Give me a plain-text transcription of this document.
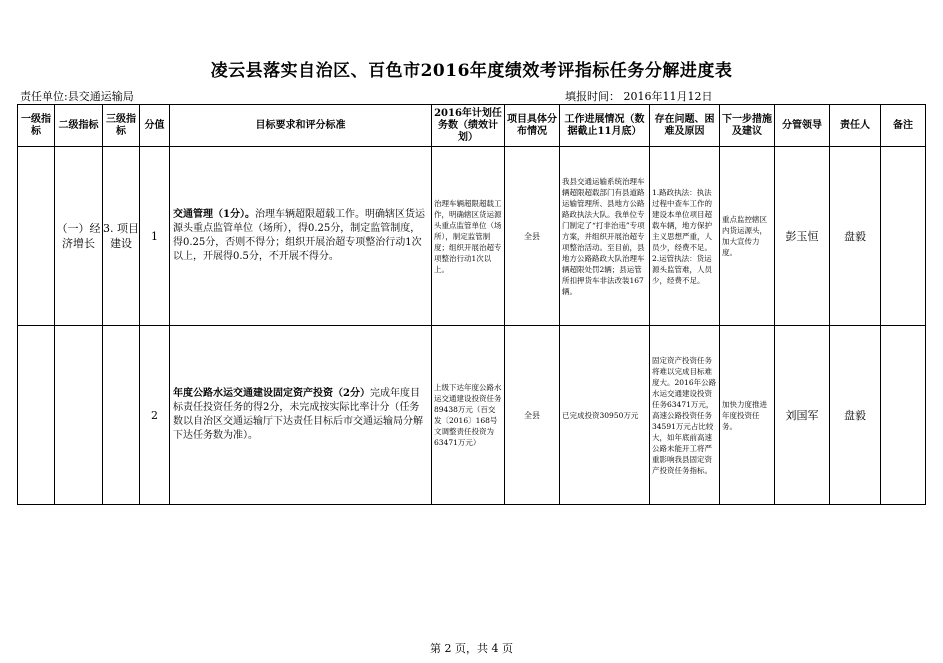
凌云县落实自治区、百色市2016年度绩效考评指标任务分解进度表
责任单位:县交通运输局	填报时间： 2016年11月12日
一级指标	二级指标	三级指标	分值	目标要求和评分标准	2016年计划任务数（绩效计划）	项目具体分布情况	工作进展情况（数据截止11月底）	存在问题、困难及原因	下一步措施及建议	分管领导	责任人	备注
	（一）经济增长	3. 项目建设	1	交通管理（1分）。治理车辆超限超载工作。明确辖区货运源头重点监管单位（场所），得0.25分，制定监管制度，得0.25分，否则不得分；组织开展治超专项整治行动1次以上，开展得0.5分，不开展不得分。	治理车辆超限超载工作，明确辖区货运源头重点监管单位（场所），制定监管制度；组织开展治超专项整治行动1次以上。	全县	我县交通运输系统治理车辆超限超载部门有县道路运输管理所、县地方公路路政执法大队。我单位专门制定了“打非治违”专项方案，并组织开展治超专项整治活动。至目前，县地方公路路政大队治理车辆超限处罚2辆；县运管所扣押货车非法改装167辆。	1.路政执法：执法过程中查车工作的建设本单位项目超载车辆，地方保护主义思想严重，人员少，经费不足。2.运管执法：货运源头监管难，人员少，经费不足。	重点监控辖区内货运源头，加大宣传力度。	彭玉恒	盘毅	
			2	年度公路水运交通建设固定资产投资（2分）完成年度目标责任投资任务的得2分，未完成按实际比率计分（任务数以自治区交通运输厅下达责任目标后市交通运输局分解下达任务数为准）。	上级下达年度公路水运交通建设投资任务89438万元（百交发〔2016〕168号文调整责任投资为63471万元）	全县	已完成投资30950万元	固定资产投资任务将难以完成目标难度大。2016年公路水运交通建设投资任务63471万元，高速公路投资任务34591万元占比较大，如年底前高速公路未能开工将严重影响我县固定资产投资任务指标。	加快力度推进年度投资任务。	刘国军	盘毅	
第 2 页，共 4 页
